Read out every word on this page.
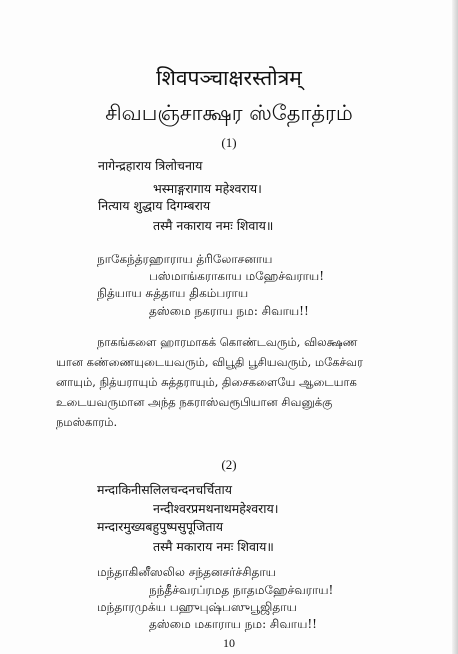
शिवपञ्चाक्षरस्तोत्रम्
சிவபஞ்சாக்ஷர ஸ்தோத்ரம்
(1)
नागेन्द्रहाराय त्रिलोचनाय
भस्माङ्गरागाय महेश्वराय।
नित्याय शुद्धाय दिगम्बराय
तस्मै नकाराय नमः शिवाय॥
நாகேந்த்ரஹாராய த்ரிலோசனாய
பஸ்மாங்கராகாய மஹேச்வராய!
நித்யாய சுத்தாய திகம்பராய
தஸ்மை நகராய நம: சிவாய!!
நாகங்களை ஹாரமாகக் கொண்டவரும், விலக்ஷண
யான கண்ணையுடையவரும், விபூதி பூசியவரும், மகேச்வர
னாயும், நித்யராயும் சுத்தராயும், திசைகளையே ஆடையாக
உடையவருமான அந்த நகராஸ்வரூபியான சிவனுக்கு
நமஸ்காரம்.
(2)
मन्दाकिनीसलिलचन्दनचर्चिताय
नन्दीश्वरप्रमथनाथमहेश्वराय।
मन्दारमुख्यबहुपुष्पसुपूजिताय
तस्मै मकाराय नमः शिवाय॥
மந்தாகினீஸலில சந்தனசர்ச்சிதாய
நந்தீச்வரப்ரமத நாதமஹேச்வராய!
மந்தாரமுக்ய பஹுபுஷ்பஸுபூஜிதாய
தஸ்மை மகாராய நம: சிவாய!!
10
